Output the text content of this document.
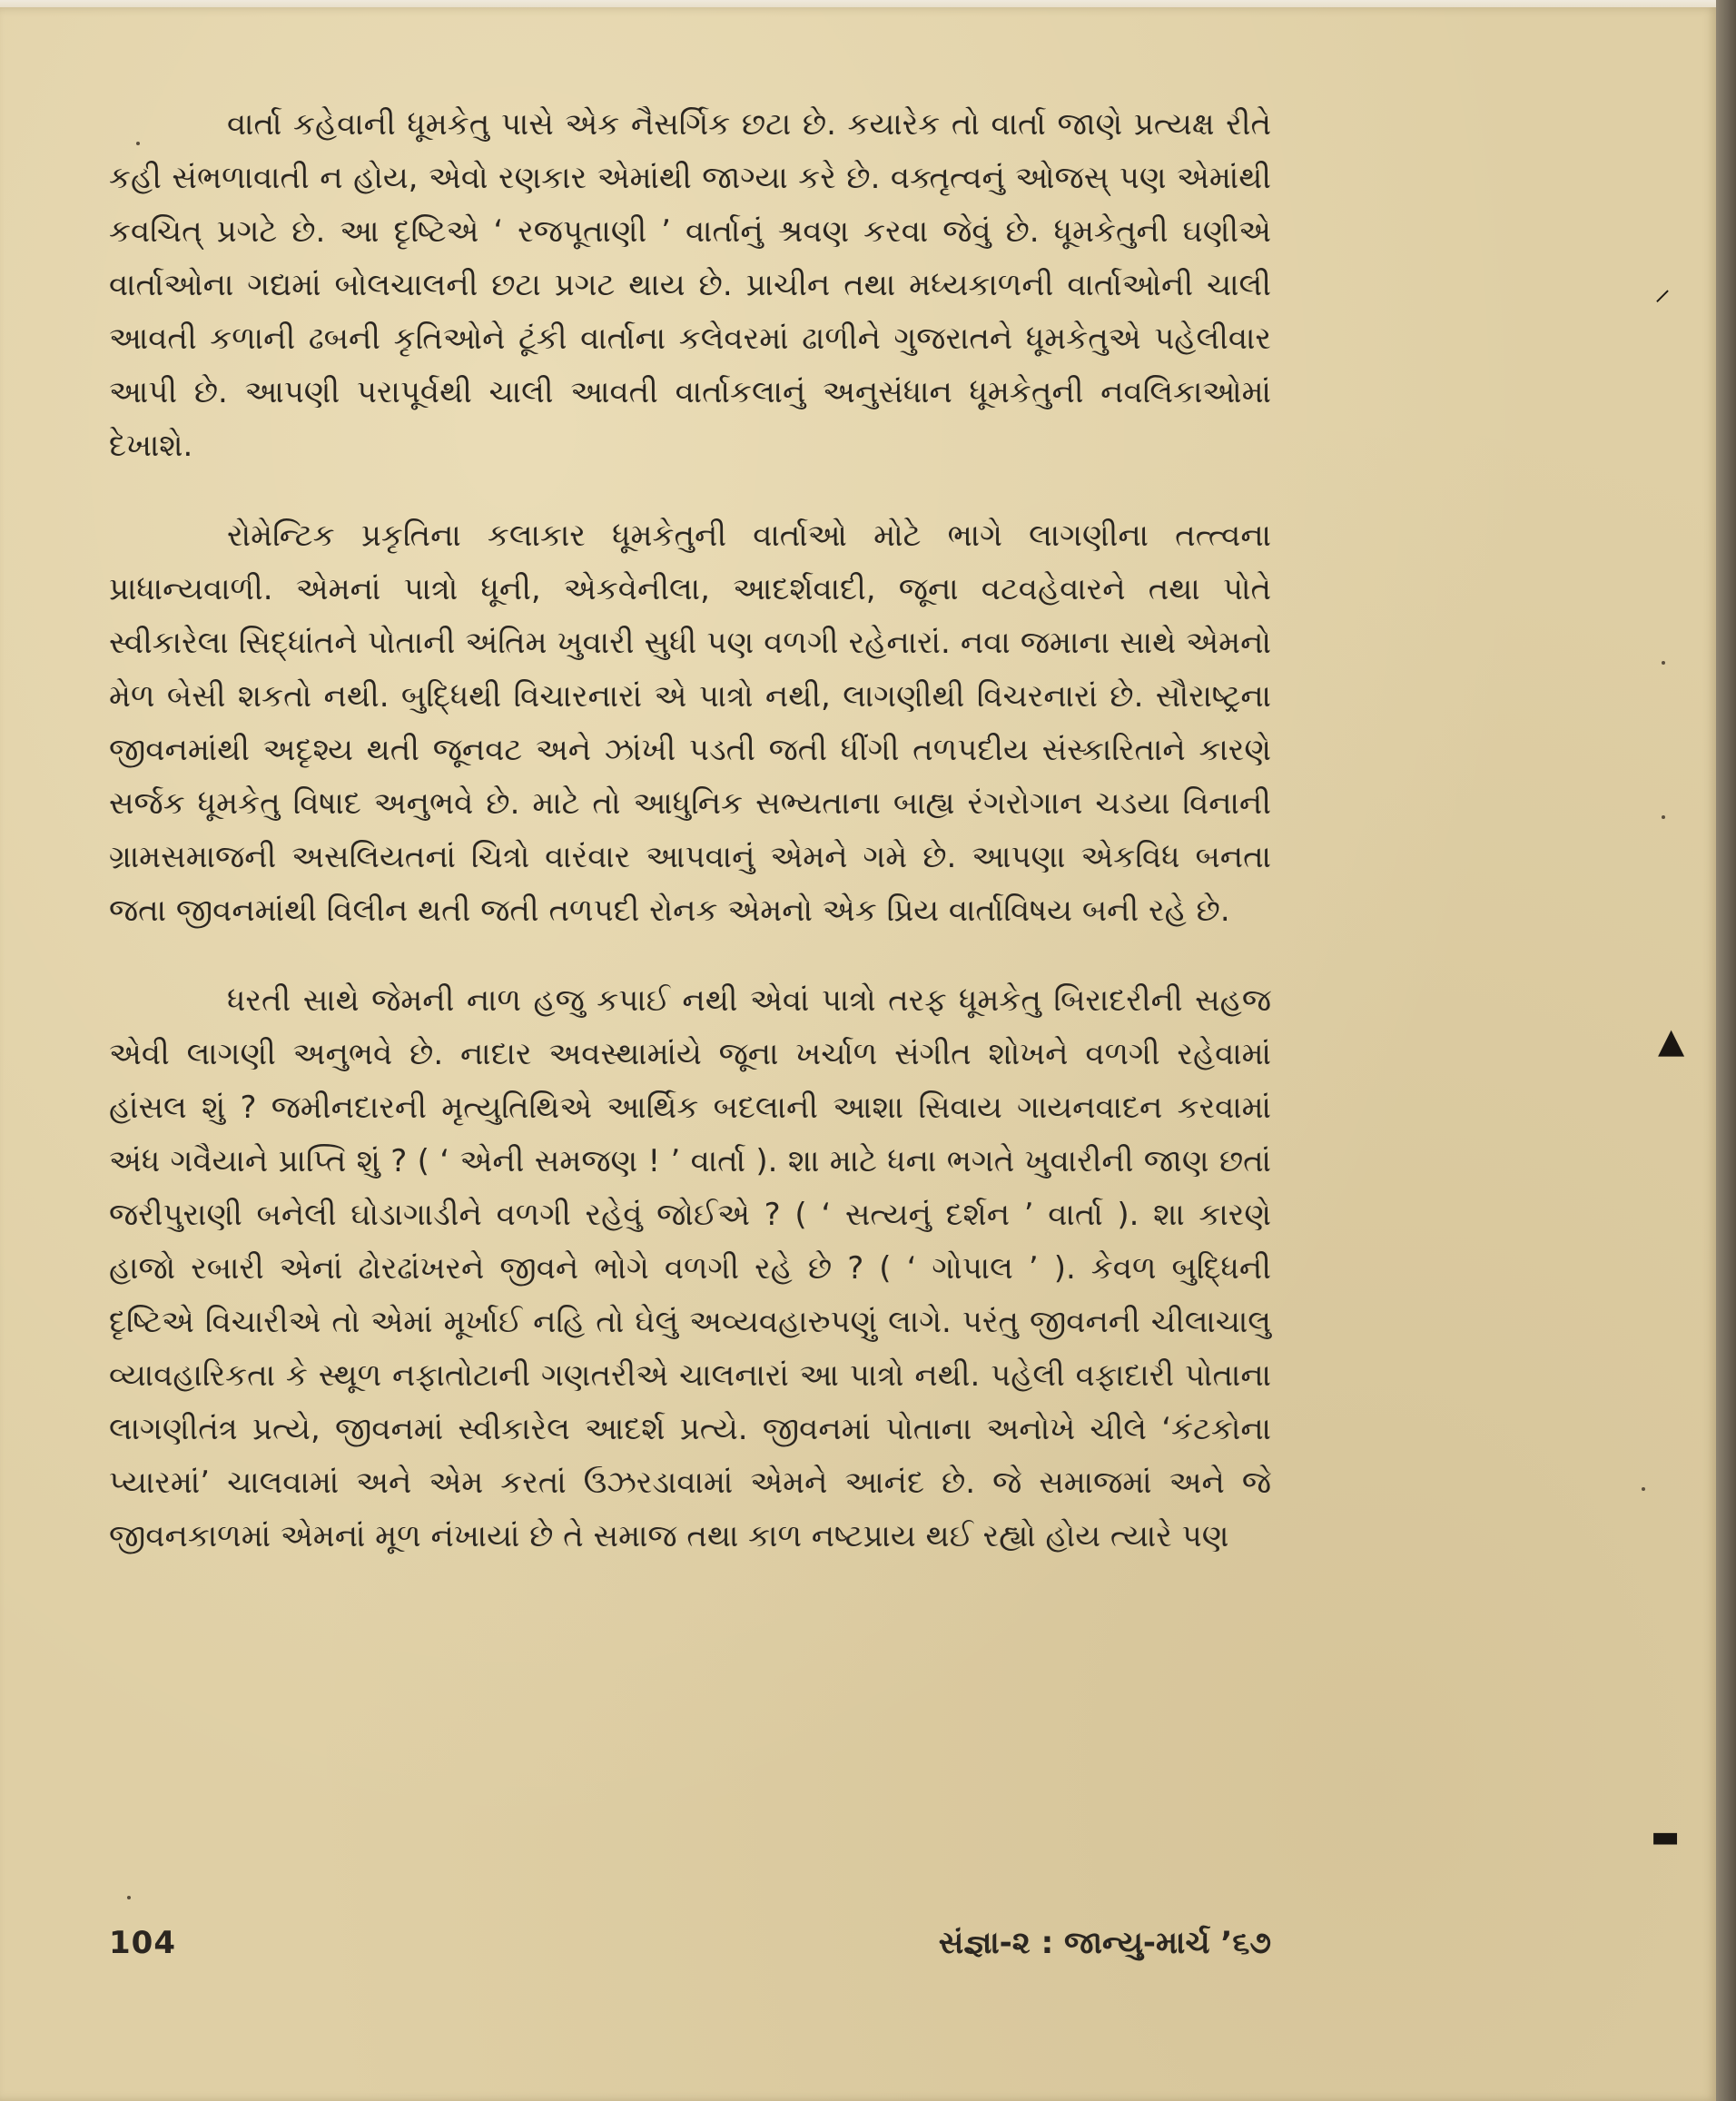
વાર્તા કહેવાની ધૂમકેતુ પાસે એક નૈસર્ગિક છટા છે. કયારેક તો વાર્તા જાણે પ્રત્યક્ષ રીતે કહી સંભળાવાતી ન હોય, એવો રણકાર એમાંથી જાગ્યા કરે છે. વક્તૃત્વનું ઓજસ્ પણ એમાંથી કવચિત્ પ્રગટે છે. આ દૃષ્ટિએ ‘ રજપૂતાણી ’ વાર્તાનું શ્રવણ કરવા જેવું છે. ધૂમકેતુની ઘણીએ વાર્તાઓના ગદ્યમાં બોલચાલની છટા પ્રગટ થાય છે. પ્રાચીન તથા મધ્યકાળની વાર્તાઓની ચાલી આવતી કળાની ઢબની કૃતિઓને ટૂંકી વાર્તાના કલેવરમાં ઢાળીને ગુજરાતને ધૂમકેતુએ પહેલીવાર આપી છે. આપણી પરાપૂર્વથી ચાલી આવતી વાર્તાકલાનું અનુસંધાન ધૂમકેતુની નવલિકાઓમાં દેખાશે.

રોમેન્ટિક પ્રકૃતિના કલાકાર ધૂમકેતુની વાર્તાઓ મોટે ભાગે લાગણીના તત્ત્વના પ્રાધાન્યવાળી. એમનાં પાત્રો ધૂની, એકવેનીલા, આદર્શવાદી, જૂના વટવહેવારને તથા પોતે સ્વીકારેલા સિદ્ધાંતને પોતાની અંતિમ ખુવારી સુધી પણ વળગી રહેનારાં. નવા જમાના સાથે એમનો મેળ બેસી શકતો નથી. બુદ્ધિથી વિચારનારાં એ પાત્રો નથી, લાગણીથી વિચરનારાં છે. સૌરાષ્ટ્રના જીવનમાંથી અદૃશ્ય થતી જૂનવટ અને ઝાંખી પડતી જતી ધીંગી તળપદીય સંસ્કારિતાને કારણે સર્જક ધૂમકેતુ વિષાદ અનુભવે છે. માટે તો આધુનિક સભ્યતાના બાહ્ય રંગરોગાન ચડયા વિનાની ગ્રામસમાજની અસલિયતનાં ચિત્રો વારંવાર આપવાનું એમને ગમે છે. આપણા એકવિધ બનતા જતા જીવનમાંથી વિલીન થતી જતી તળપદી રોનક એમનો એક પ્રિય વાર્તાવિષય બની રહે છે.

ધરતી સાથે જેમની નાળ હજુ કપાઈ નથી એવાં પાત્રો તરફ ધૂમકેતુ બિરાદરીની સહજ એવી લાગણી અનુભવે છે. નાદાર અવસ્થામાંયે જૂના ખર્ચાળ સંગીત શોખને વળગી રહેવામાં હાંસલ શું ? જમીનદારની મૃત્યુતિથિએ આર્થિક બદલાની આશા સિવાય ગાયનવાદન કરવામાં અંધ ગવૈયાને પ્રાપ્તિ શું ? ( ‘ એની સમજણ ! ’ વાર્તા ). શા માટે ધના ભગતે ખુવારીની જાણ છતાં જરીપુરાણી બનેલી ઘોડાગાડીને વળગી રહેવું જોઈએ ? ( ‘ સત્યનું દર્શન ’ વાર્તા ). શા કારણે હાજો રબારી એનાં ઢોરઢાંખરને જીવને ભોગે વળગી રહે છે ? ( ‘ ગોપાલ ’ ). કેવળ બુદ્ધિની દૃષ્ટિએ વિચારીએ તો એમાં મૂર્ખાઈ નહિ તો ઘેલું અવ્યવહારુપણું લાગે. પરંતુ જીવનની ચીલાચાલુ વ્યાવહારિકતા કે સ્થૂળ નફાતોટાની ગણતરીએ ચાલનારાં આ પાત્રો નથી. પહેલી વફાદારી પોતાના લાગણીતંત્ર પ્રત્યે, જીવનમાં સ્વીકારેલ આદર્શ પ્રત્યે. જીવનમાં પોતાના અનોખે ચીલે ‘કંટકોના પ્યારમાં’ ચાલવામાં અને એમ કરતાં ઉઝરડાવામાં એમને આનંદ છે. જે સમાજમાં અને જે જીવનકાળમાં એમનાં મૂળ નંખાયાં છે તે સમાજ તથા કાળ નષ્ટપ્રાય થઈ રહ્યો હોય ત્યારે પણ

104	સંજ્ઞા-૨ : જાન્યુ-માર્ચ ’૬૭
⸝
▲
▬
